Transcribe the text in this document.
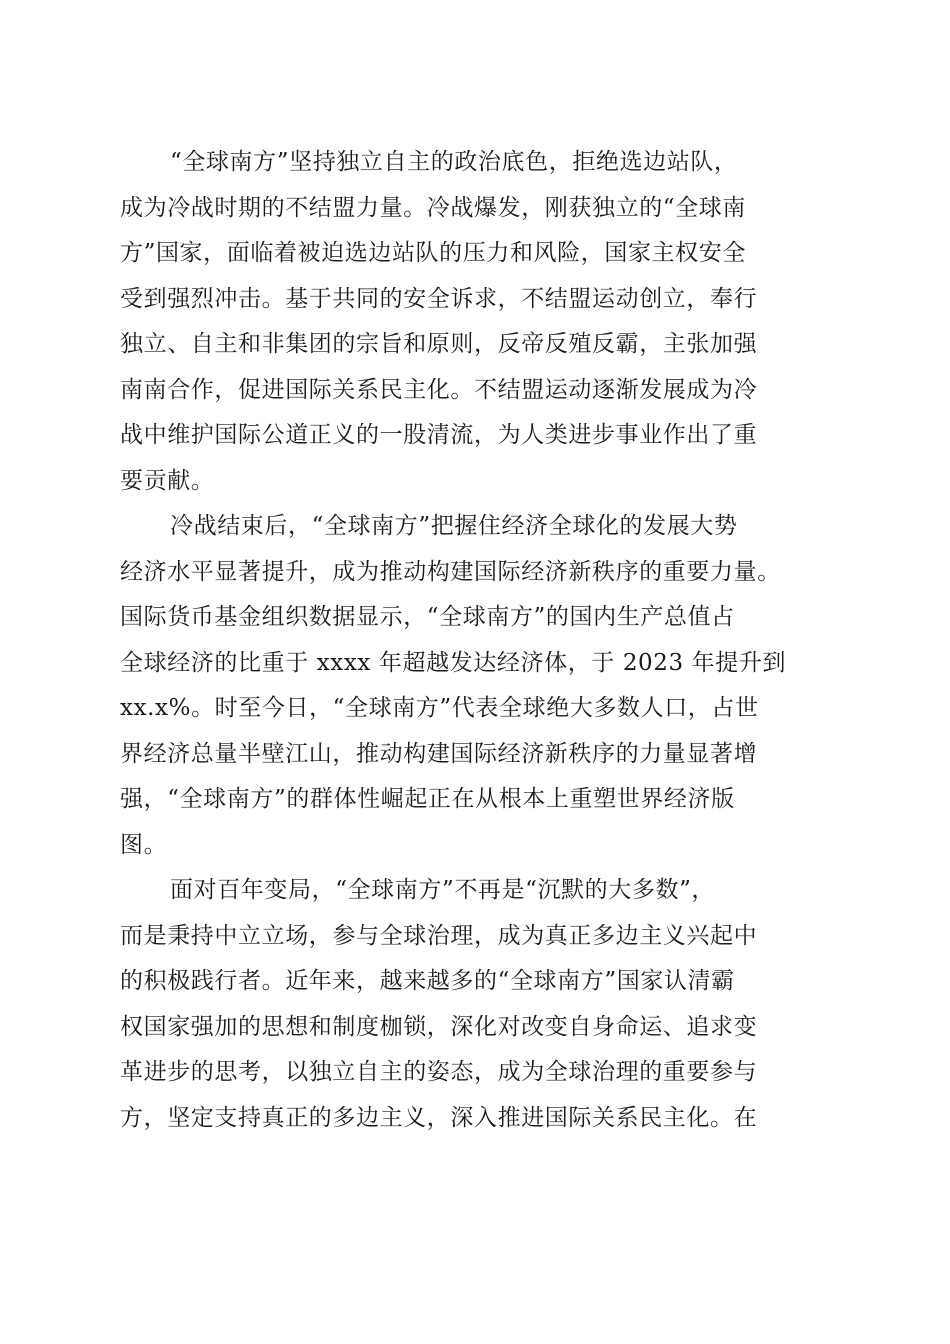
“全球南方”坚持独立自主的政治底色，拒绝选边站队，
成为冷战时期的不结盟力量。冷战爆发，刚获独立的“全球南
方”国家，面临着被迫选边站队的压力和风险，国家主权安全
受到强烈冲击。基于共同的安全诉求，不结盟运动创立，奉行
独立、自主和非集团的宗旨和原则，反帝反殖反霸，主张加强
南南合作，促进国际关系民主化。不结盟运动逐渐发展成为冷
战中维护国际公道正义的一股清流，为人类进步事业作出了重
要贡献。
冷战结束后，“全球南方”把握住经济全球化的发展大势
经济水平显著提升，成为推动构建国际经济新秩序的重要力量。
国际货币基金组织数据显示，“全球南方”的国内生产总值占
全球经济的比重于 xxxx 年超越发达经济体，于 2023 年提升到
xx.x%。时至今日，“全球南方”代表全球绝大多数人口，占世
界经济总量半壁江山，推动构建国际经济新秩序的力量显著增
强，“全球南方”的群体性崛起正在从根本上重塑世界经济版
图。
面对百年变局，“全球南方”不再是“沉默的大多数”，
而是秉持中立立场，参与全球治理，成为真正多边主义兴起中
的积极践行者。近年来，越来越多的“全球南方”国家认清霸
权国家强加的思想和制度枷锁，深化对改变自身命运、追求变
革进步的思考，以独立自主的姿态，成为全球治理的重要参与
方，坚定支持真正的多边主义，深入推进国际关系民主化。在
